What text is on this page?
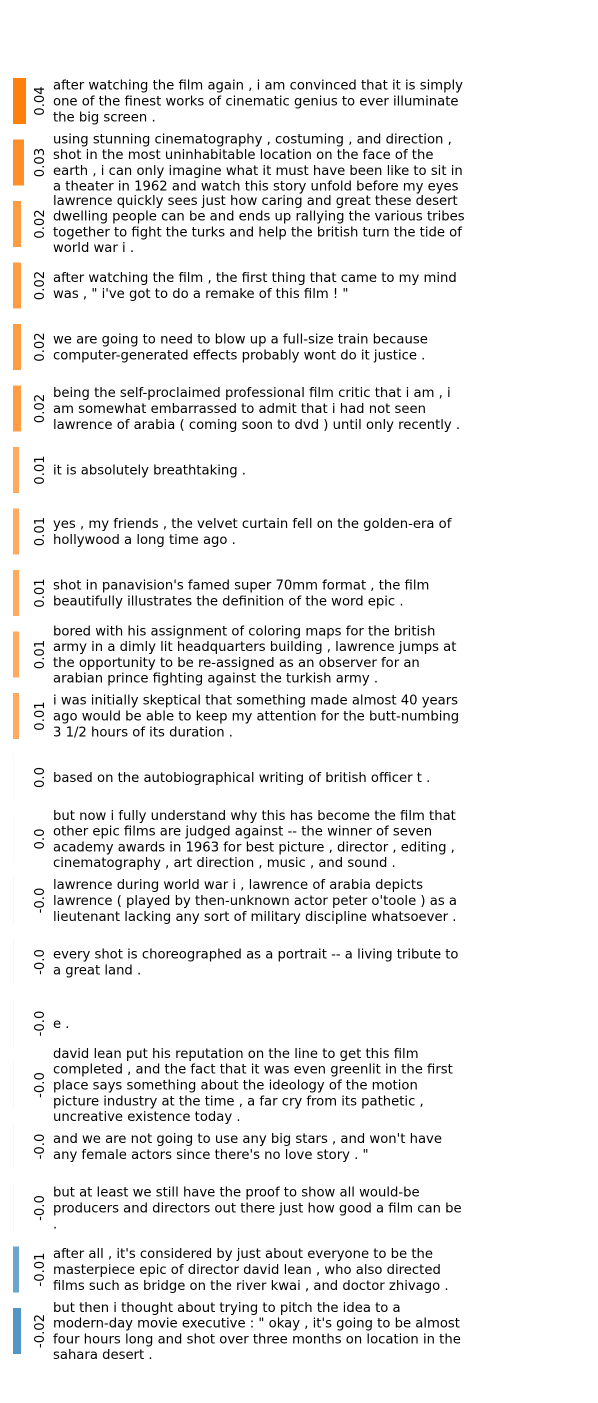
0.04
after watching the film again , i am convinced that it is simply
one of the finest works of cinematic genius to ever illuminate
the big screen .
0.03
using stunning cinematography , costuming , and direction ,
shot in the most uninhabitable location on the face of the
earth , i can only imagine what it must have been like to sit in
a theater in 1962 and watch this story unfold before my eyes
0.02
lawrence quickly sees just how caring and great these desert
dwelling people can be and ends up rallying the various tribes
together to fight the turks and help the british turn the tide of
world war i .
0.02 after watching the film , the first thing that came to my mind
was , " i've got to do a remake of this film ! "
0.02 we are going to need to blow up a full-size train because
computer-generated effects probably wont do it justice .
0.02
being the self-proclaimed professional film critic that i am , i
am somewhat embarrassed to admit that i had not seen
lawrence of arabia ( coming soon to dvd ) until only recently .
0.01 it is absolutely breathtaking .
0.01 yes , my friends , the velvet curtain fell on the golden-era of
hollywood a long time ago .
0.01 shot in panavision's famed super 70mm format , the film
beautifully illustrates the definition of the word epic .
0.01
bored with his assignment of coloring maps for the british
army in a dimly lit headquarters building , lawrence jumps at
the opportunity to be re-assigned as an observer for an
arabian prince fighting against the turkish army .
0.01
i was initially skeptical that something made almost 40 years
ago would be able to keep my attention for the butt-numbing
3 1/2 hours of its duration .
0.0 based on the autobiographical writing of british officer t .
0.0
but now i fully understand why this has become the film that
other epic films are judged against -- the winner of seven
academy awards in 1963 for best picture , director , editing ,
cinematography , art direction , music , and sound .
-0.0
lawrence during world war i , lawrence of arabia depicts
lawrence ( played by then-unknown actor peter o'toole ) as a
lieutenant lacking any sort of military discipline whatsoever .
-0.0 every shot is choreographed as a portrait -- a living tribute to
a great land .
-0.0 e .
-0.0
david lean put his reputation on the line to get this film
completed , and the fact that it was even greenlit in the first
place says something about the ideology of the motion
picture industry at the time , a far cry from its pathetic ,
uncreative existence today .
-0.0 and we are not going to use any big stars , and won't have
any female actors since there's no love story . "
-0.0
but at least we still have the proof to show all would-be
producers and directors out there just how good a film can be
.
-0.01 after all , it's considered by just about everyone to be the
masterpiece epic of director david lean , who also directed
films such as bridge on the river kwai , and doctor zhivago .
-0.02
but then i thought about trying to pitch the idea to a
modern-day movie executive : " okay , it's going to be almost
four hours long and shot over three months on location in the
sahara desert .
